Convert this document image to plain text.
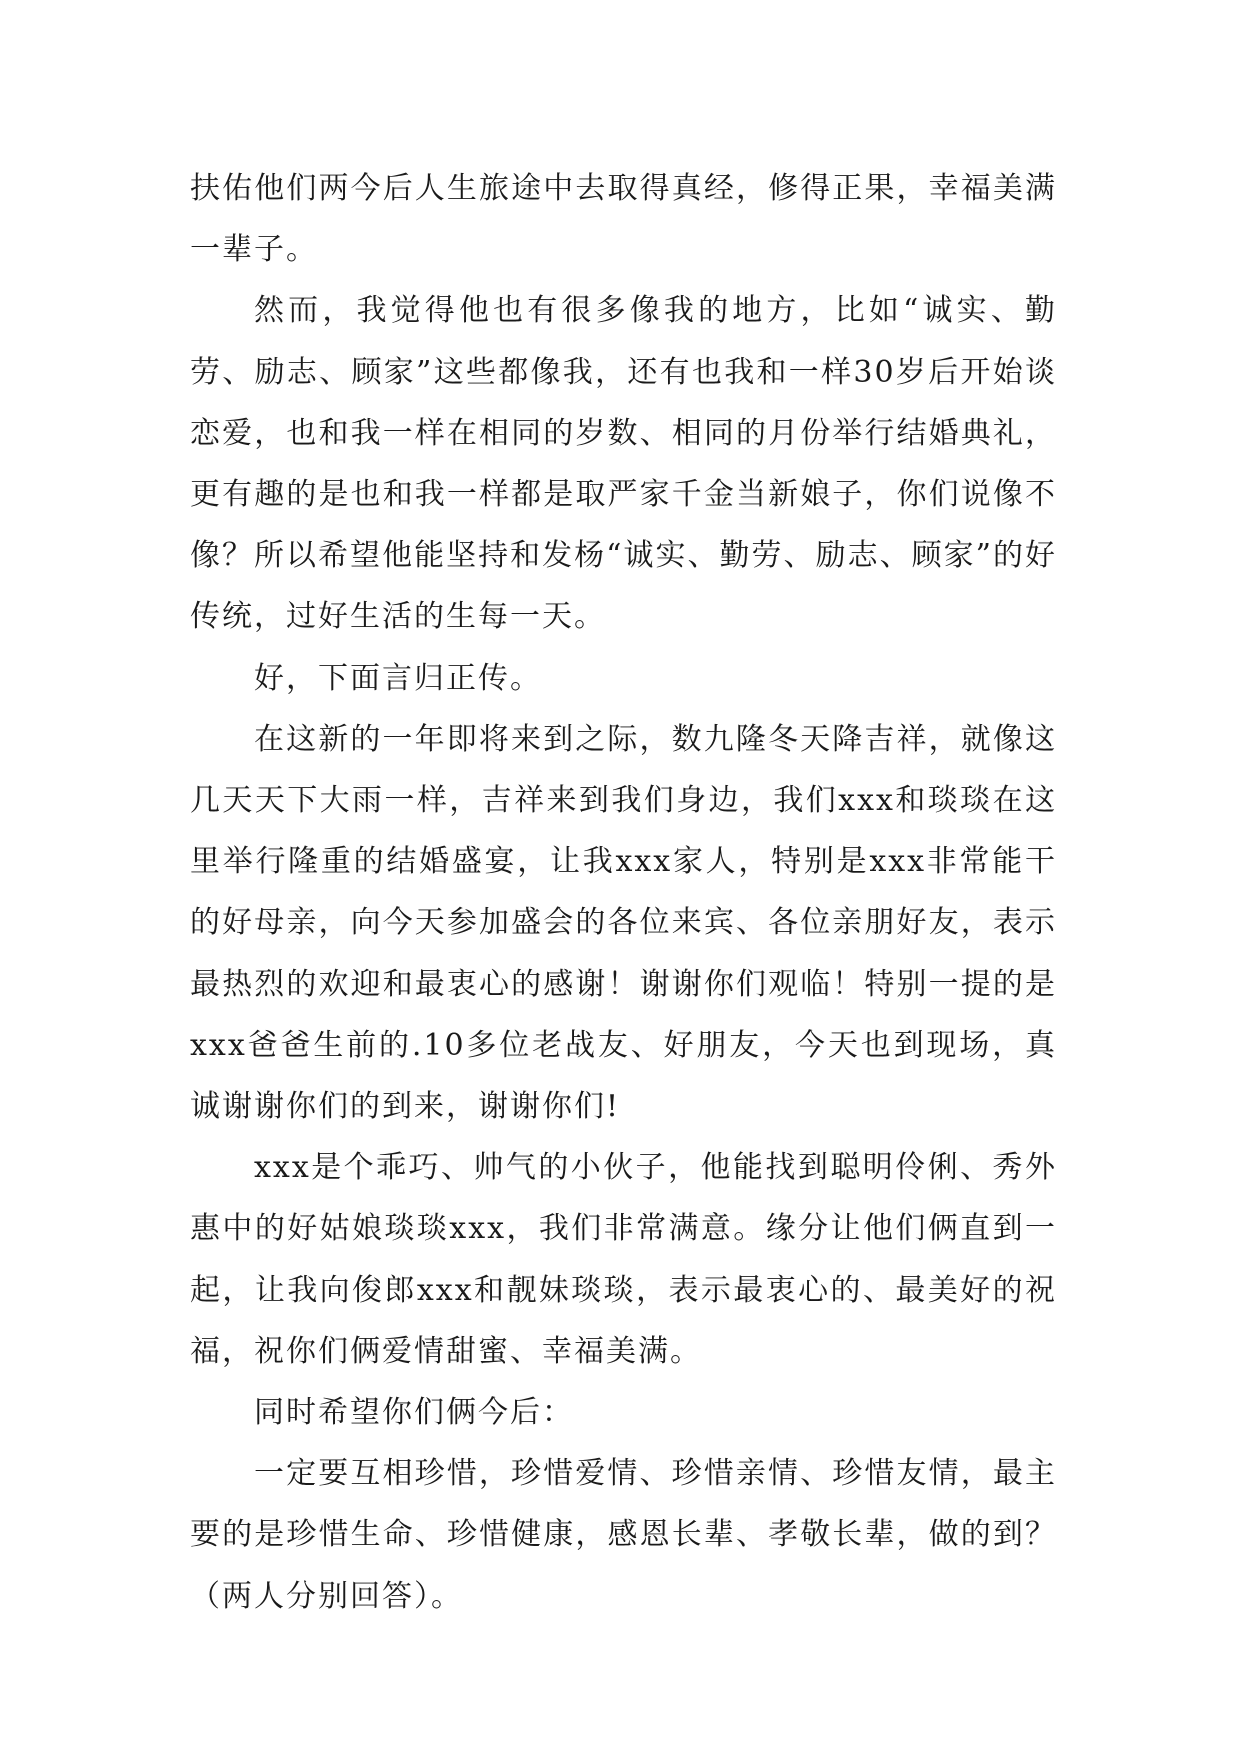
扶佑他们两今后人生旅途中去取得真经，修得正果，幸福美满一辈子。

然而，我觉得他也有很多像我的地方，比如“诚实、勤劳、励志、顾家”这些都像我，还有也我和一样30岁后开始谈恋爱，也和我一样在相同的岁数、相同的月份举行结婚典礼，更有趣的是也和我一样都是取严家千金当新娘子，你们说像不像？所以希望他能坚持和发杨“诚实、勤劳、励志、顾家”的好传统，过好生活的生每一天。

好，下面言归正传。

在这新的一年即将来到之际，数九隆冬天降吉祥，就像这几天天下大雨一样，吉祥来到我们身边，我们xxx和琰琰在这里举行隆重的结婚盛宴，让我xxx家人，特别是xxx非常能干的好母亲，向今天参加盛会的各位来宾、各位亲朋好友，表示最热烈的欢迎和最衷心的感谢！谢谢你们观临！特别一提的是xxx爸爸生前的.10多位老战友、好朋友，今天也到现场，真诚谢谢你们的到来，谢谢你们!

xxx是个乖巧、帅气的小伙子，他能找到聪明伶俐、秀外惠中的好姑娘琰琰xxx，我们非常满意。缘分让他们俩直到一起，让我向俊郎xxx和靓妹琰琰，表示最衷心的、最美好的祝福，祝你们俩爱情甜蜜、幸福美满。

同时希望你们俩今后：

一定要互相珍惜，珍惜爱情、珍惜亲情、珍惜友情，最主要的是珍惜生命、珍惜健康，感恩长辈、孝敬长辈，做的到？（两人分别回答）。
